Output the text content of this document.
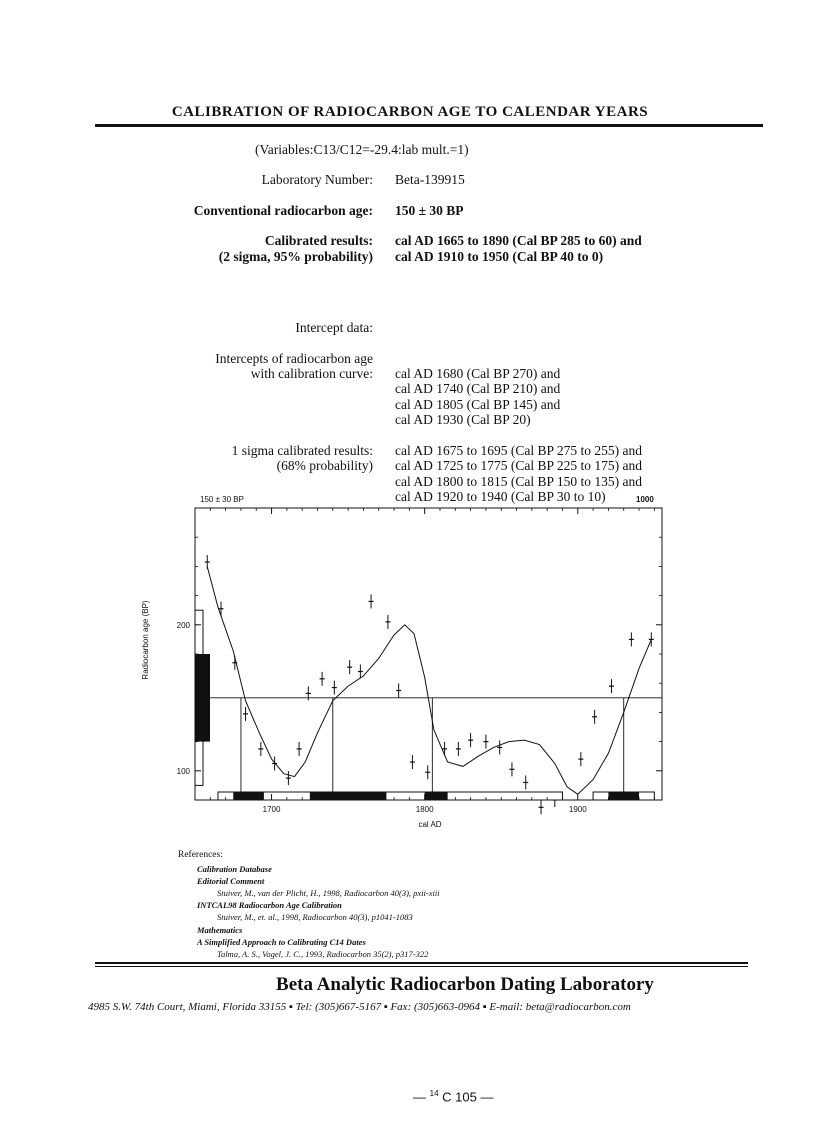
CALIBRATION OF RADIOCARBON AGE TO CALENDAR YEARS
(Variables:C13/C12=-29.4:lab mult.=1)
Laboratory Number: Beta-139915
Conventional radiocarbon age: 150 ± 30 BP
Calibrated results:
(2 sigma, 95% probability)
cal AD 1665 to 1890 (Cal BP 285 to 60) and
cal AD 1910 to 1950 (Cal BP 40 to 0)
Intercept data:
Intercepts of radiocarbon age
with calibration curve: cal AD 1680 (Cal BP 270) and
cal AD 1740 (Cal BP 210) and
cal AD 1805 (Cal BP 145) and
cal AD 1930 (Cal BP 20)
1 sigma calibrated results:
(68% probability)
cal AD 1675 to 1695 (Cal BP 275 to 255) and
cal AD 1725 to 1775 (Cal BP 225 to 175) and
cal AD 1800 to 1815 (Cal BP 150 to 135) and
cal AD 1920 to 1940 (Cal BP 30 to 10)	1000
150 ± 30 BP
1700	1800	1900
100
200
cal AD
Radiocarbon age (BP)
References:
Calibration Database
Editorial Comment
Stuiver, M., van der Plicht, H., 1998, Radiocarbon 40(3), pxii-xiii
INTCAL98 Radiocarbon Age Calibration
Stuiver, M., et. al., 1998, Radiocarbon 40(3), p1041-1083
Mathematics
A Simplified Approach to Calibrating C14 Dates
Talma, A. S., Vogel, J. C., 1993, Radiocarbon 35(2), p317-322
Beta Analytic Radiocarbon Dating Laboratory
4985 S.W. 74th Court, Miami, Florida 33155 ▪ Tel: (305)667-5167 ▪ Fax: (305)663-0964 ▪ E-mail: beta@radiocarbon.com
— $^{14}$ C 105 —
